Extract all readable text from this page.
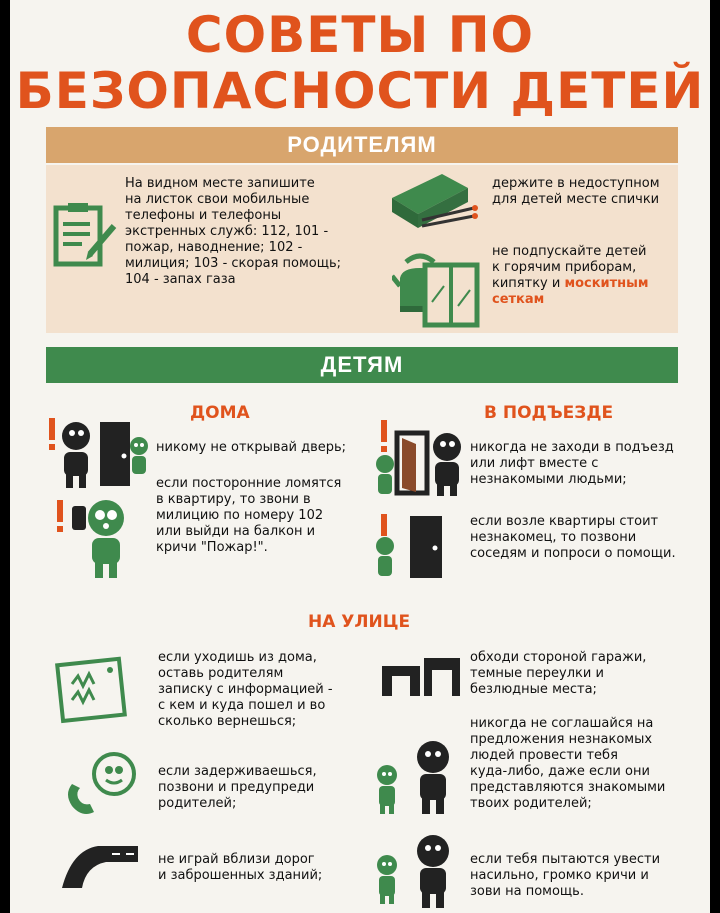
СОВЕТЫ ПО
БЕЗОПАСНОСТИ ДЕТЕЙ
РОДИТЕЛЯМ
На видном месте запишите
на листок свои мобильные
телефоны и телефоны
экстренных служб: 112, 101 -
пожар, наводнение; 102 -
милиция; 103 - скорая помощь;
104 - запах газа
держите в недоступном
для детей месте спички
не подпускайте детей
к горячим приборам,
кипятку и москитным
сеткам
ДЕТЯМ
ДОМА
никому не открывай дверь;
если посторонние ломятся
в квартиру, то звони в
милицию по номеру 102
или выйди на балкон и
кричи "Пожар!".
В ПОДЪЕЗДЕ
никогда не заходи в подъезд
или лифт вместе с
незнакомыми людьми;
если возле квартиры стоит
незнакомец, то позвони
соседям и попроси о помощи.
НА УЛИЦЕ
если уходишь из дома,
оставь родителям
записку с информацией -
с кем и куда пошел и во
сколько вернешься;
если задерживаешься,
позвони и предупреди
родителей;
не играй вблизи дорог
и заброшенных зданий;
обходи стороной гаражи,
темные переулки и
безлюдные места;
никогда не соглашайся на
предложения незнакомых
людей провести тебя
куда-либо, даже если они
представляются знакомыми
твоих родителей;
если тебя пытаются увести
насильно, громко кричи и
зови на помощь.
